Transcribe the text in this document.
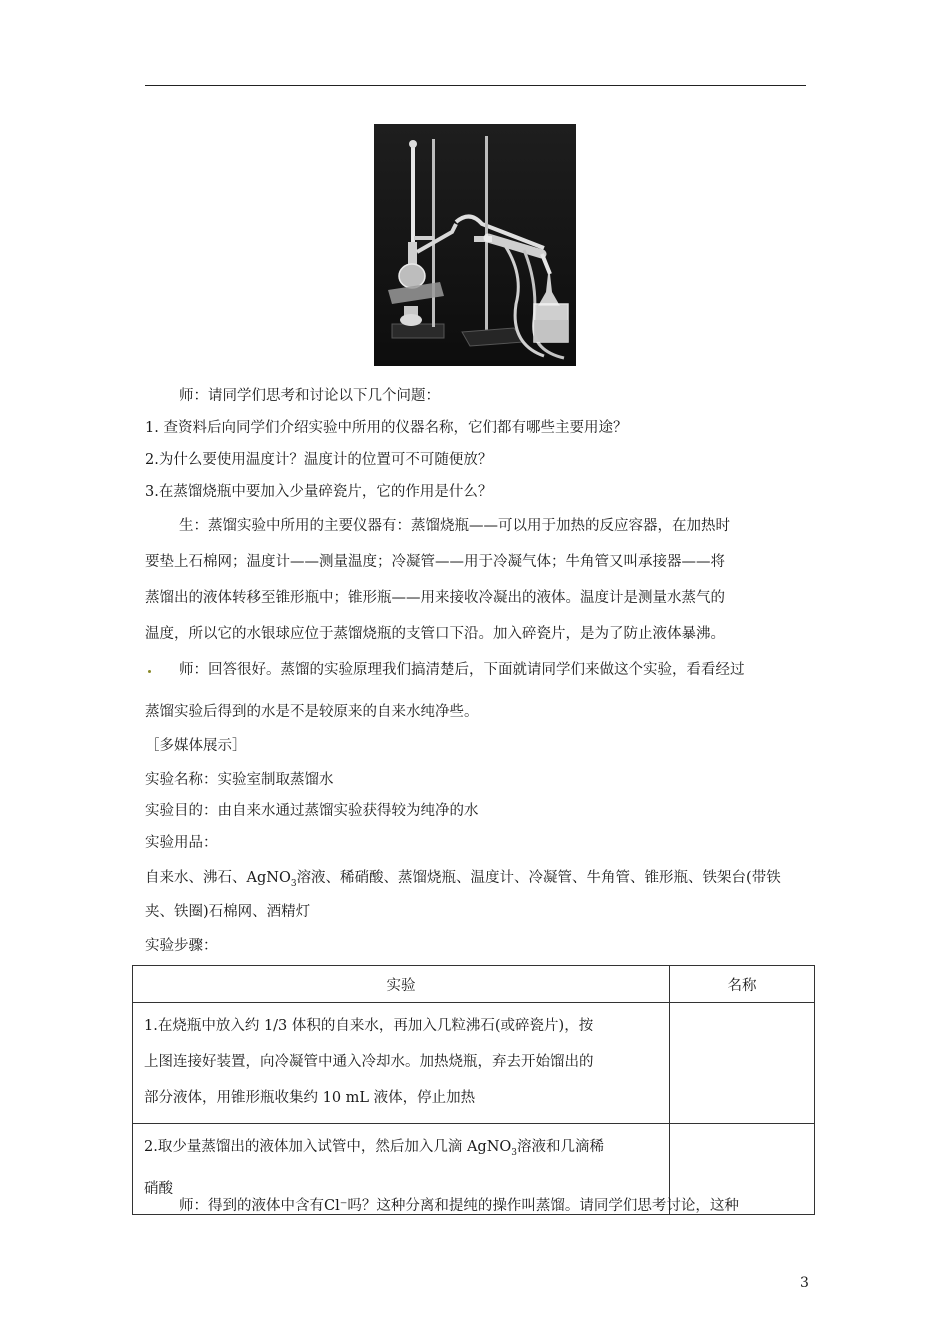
师：请同学们思考和讨论以下几个问题：
1. 查资料后向同学们介绍实验中所用的仪器名称，它们都有哪些主要用途？
2.为什么要使用温度计？温度计的位置可不可随便放？
3.在蒸馏烧瓶中要加入少量碎瓷片，它的作用是什么？
生：蒸馏实验中所用的主要仪器有：蒸馏烧瓶——可以用于加热的反应容器，在加热时
要垫上石棉网；温度计——测量温度；冷凝管——用于冷凝气体；牛角管又叫承接器——将
蒸馏出的液体转移至锥形瓶中；锥形瓶——用来接收冷凝出的液体。温度计是测量水蒸气的
温度，所以它的水银球应位于蒸馏烧瓶的支管口下沿。加入碎瓷片，是为了防止液体暴沸。
师：回答很好。蒸馏的实验原理我们搞清楚后，下面就请同学们来做这个实验，看看经过
蒸馏实验后得到的水是不是较原来的自来水纯净些。
［多媒体展示］
实验名称：实验室制取蒸馏水
实验目的：由自来水通过蒸馏实验获得较为纯净的水
实验用品：
自来水、沸石、AgNO$_3$溶液、稀硝酸、蒸馏烧瓶、温度计、冷凝管、牛角管、锥形瓶、铁架台(带铁
夹、铁圈)石棉网、酒精灯
实验步骤：
实验	名称

1.在烧瓶中放入约 1/3 体积的自来水，再加入几粒沸石(或碎瓷片)，按
上图连接好装置，向冷凝管中通入冷却水。加热烧瓶，弃去开始馏出的
部分液体，用锥形瓶收集约 10 mL 液体，停止加热	

2.取少量蒸馏出的液体加入试管中，然后加入几滴 AgNO$_3$溶液和几滴稀
硝酸	

师：得到的液体中含有Cl⁻吗？这种分离和提纯的操作叫蒸馏。请同学们思考讨论，这种
3
